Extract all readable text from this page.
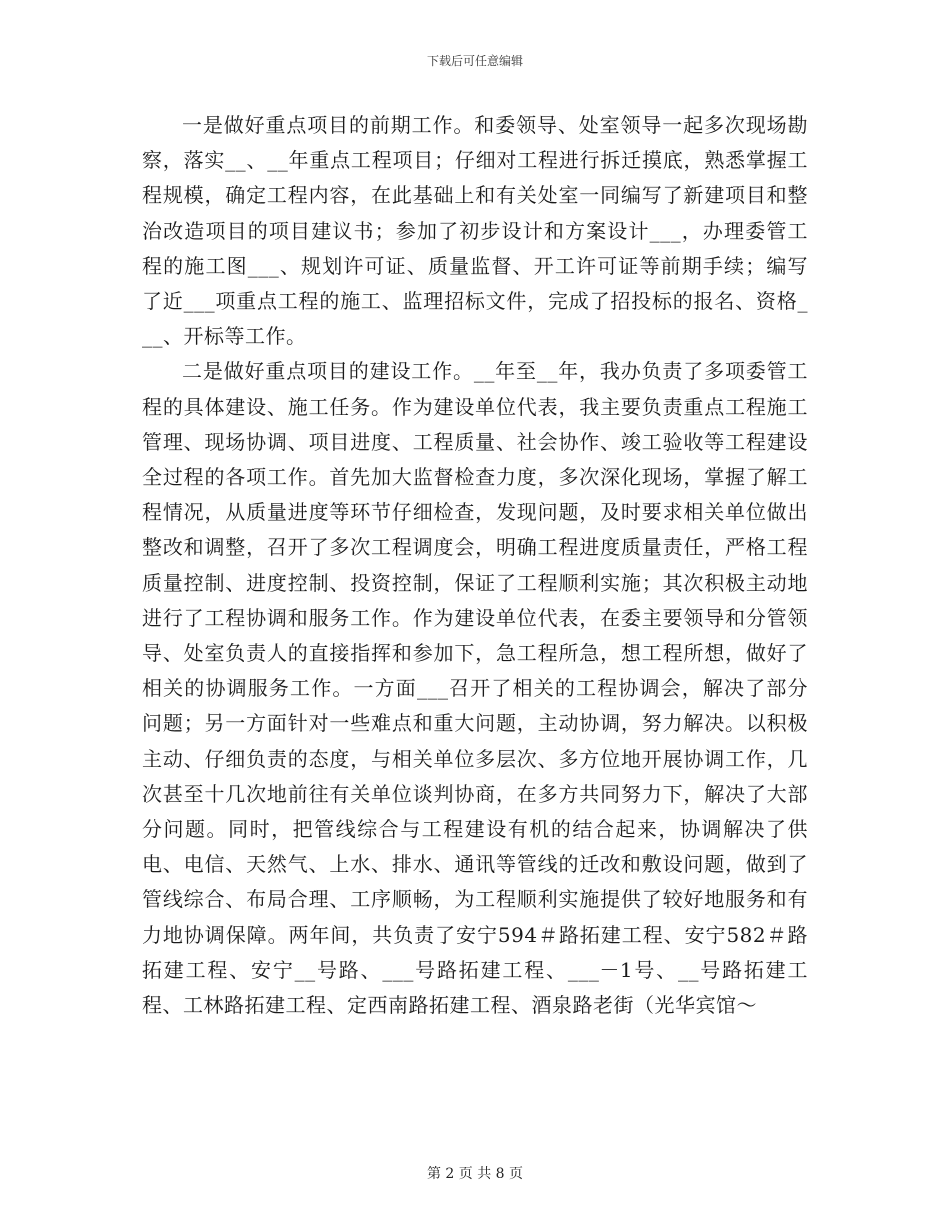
下载后可任意编辑

一是做好重点项目的前期工作。和委领导、处室领导一起多次现场勘察，落实__、__年重点工程项目；仔细对工程进行拆迁摸底，熟悉掌握工程规模，确定工程内容，在此基础上和有关处室一同编写了新建项目和整治改造项目的项目建议书；参加了初步设计和方案设计___，办理委管工程的施工图___、规划许可证、质量监督、开工许可证等前期手续；编写了近___项重点工程的施工、监理招标文件，完成了招投标的报名、资格___、开标等工作。

二是做好重点项目的建设工作。__年至__年，我办负责了多项委管工程的具体建设、施工任务。作为建设单位代表，我主要负责重点工程施工管理、现场协调、项目进度、工程质量、社会协作、竣工验收等工程建设全过程的各项工作。首先加大监督检查力度，多次深化现场，掌握了解工程情况，从质量进度等环节仔细检查，发现问题，及时要求相关单位做出整改和调整，召开了多次工程调度会，明确工程进度质量责任，严格工程质量控制、进度控制、投资控制，保证了工程顺利实施；其次积极主动地进行了工程协调和服务工作。作为建设单位代表，在委主要领导和分管领导、处室负责人的直接指挥和参加下，急工程所急，想工程所想，做好了相关的协调服务工作。一方面___召开了相关的工程协调会，解决了部分问题；另一方面针对一些难点和重大问题，主动协调，努力解决。以积极主动、仔细负责的态度，与相关单位多层次、多方位地开展协调工作，几次甚至十几次地前往有关单位谈判协商，在多方共同努力下，解决了大部分问题。同时，把管线综合与工程建设有机的结合起来，协调解决了供电、电信、天然气、上水、排水、通讯等管线的迁改和敷设问题，做到了管线综合、布局合理、工序顺畅，为工程顺利实施提供了较好地服务和有力地协调保障。两年间，共负责了安宁594＃路拓建工程、安宁582＃路拓建工程、安宁__号路、___号路拓建工程、___－1号、__号路拓建工程、工林路拓建工程、定西南路拓建工程、酒泉路老街（光华宾馆～

第 2 页 共 8 页
